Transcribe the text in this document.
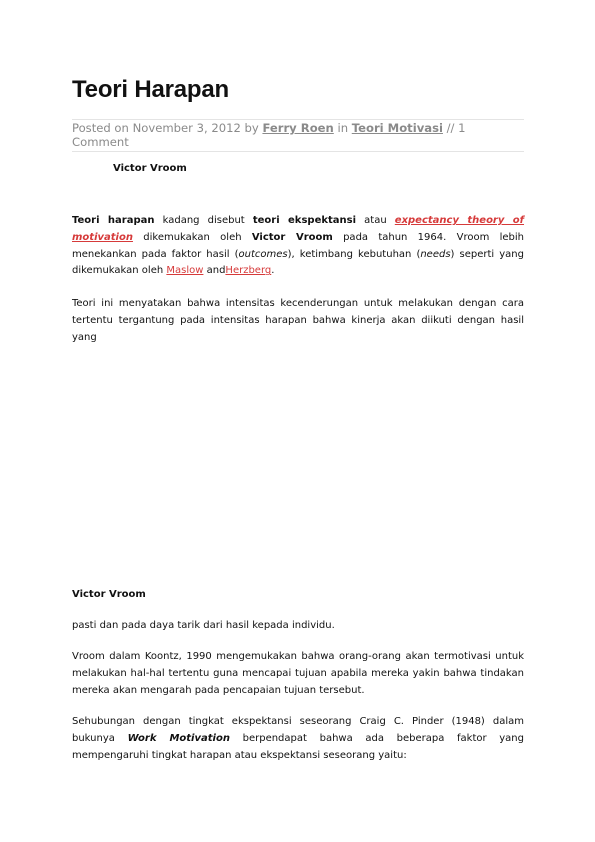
Teori Harapan
Posted on November 3, 2012 by Ferry Roen in Teori Motivasi // 1 Comment
Victor Vroom
Teori harapan kadang disebut teori ekspektansi atau expectancy theory of motivation dikemukakan oleh Victor Vroom pada tahun 1964. Vroom lebih menekankan pada faktor hasil (outcomes), ketimbang kebutuhan (needs) seperti yang dikemukakan oleh Maslow andHerzberg.
Teori ini menyatakan bahwa intensitas kecenderungan untuk melakukan dengan cara tertentu tergantung pada intensitas harapan bahwa kinerja akan diikuti dengan hasil yang
Victor Vroom
pasti dan pada daya tarik dari hasil kepada individu.
Vroom dalam Koontz, 1990 mengemukakan bahwa orang-orang akan termotivasi untuk melakukan hal-hal tertentu guna mencapai tujuan apabila mereka yakin bahwa tindakan mereka akan mengarah pada pencapaian tujuan tersebut.
Sehubungan dengan tingkat ekspektansi seseorang Craig C. Pinder (1948) dalam bukunya Work Motivation berpendapat bahwa ada beberapa faktor yang mempengaruhi tingkat harapan atau ekspektansi seseorang yaitu:
